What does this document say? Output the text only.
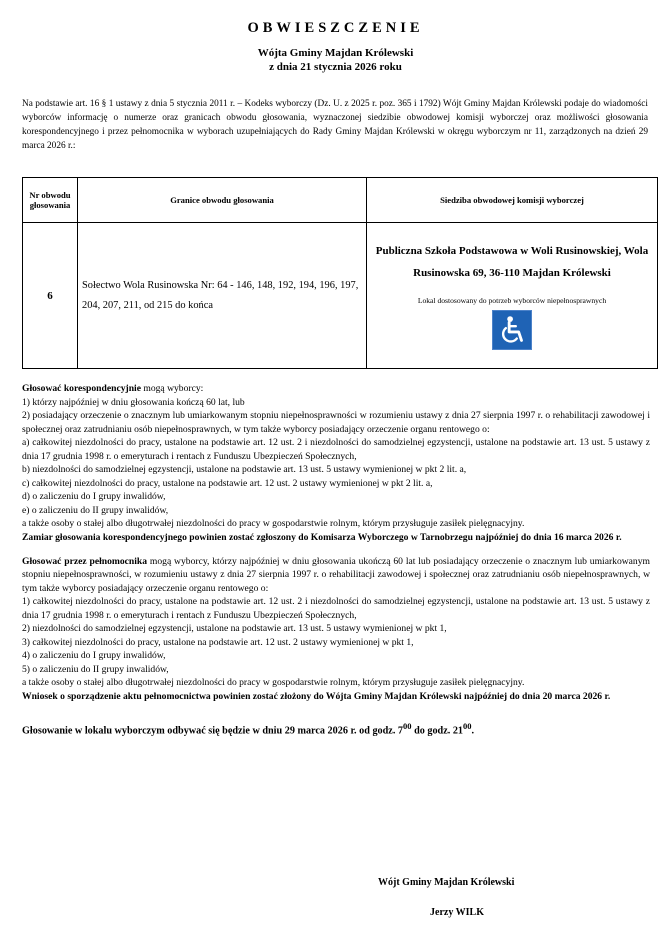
OBWIESZCZENIE
Wójta Gminy Majdan Królewski
z dnia 21 stycznia 2026 roku
Na podstawie art. 16 § 1 ustawy z dnia 5 stycznia 2011 r. – Kodeks wyborczy (Dz. U. z 2025 r. poz. 365 i 1792) Wójt Gminy Majdan Królewski podaje do wiadomości wyborców informację o numerze oraz granicach obwodu głosowania, wyznaczonej siedzibie obwodowej komisji wyborczej oraz możliwości głosowania korespondencyjnego i przez pełnomocnika w wyborach uzupełniających do Rady Gminy Majdan Królewski w okręgu wyborczym nr 11, zarządzonych na dzień 29 marca 2026 r.:
Nr obwodu głosowania	Granice obwodu głosowania	Siedziba obwodowej komisji wyborczej
6	Sołectwo Wola Rusinowska Nr: 64 - 146, 148, 192, 194, 196, 197, 204, 207, 211, od 215 do końca	Publiczna Szkoła Podstawowa w Woli Rusinowskiej, Wola Rusinowska 69, 36-110 Majdan Królewski
Lokal dostosowany do potrzeb wyborców niepełnosprawnych

Głosować korespondencyjnie mogą wyborcy:

1) którzy najpóźniej w dniu głosowania kończą 60 lat, lub

2) posiadający orzeczenie o znacznym lub umiarkowanym stopniu niepełnosprawności w rozumieniu ustawy z dnia 27 sierpnia 1997 r. o rehabilitacji zawodowej i społecznej oraz zatrudnianiu osób niepełnosprawnych, w tym także wyborcy posiadający orzeczenie organu rentowego o:

a) całkowitej niezdolności do pracy, ustalone na podstawie art. 12 ust. 2 i niezdolności do samodzielnej egzystencji, ustalone na podstawie art. 13 ust. 5 ustawy z dnia 17 grudnia 1998 r. o emeryturach i rentach z Funduszu Ubezpieczeń Społecznych,

b) niezdolności do samodzielnej egzystencji, ustalone na podstawie art. 13 ust. 5 ustawy wymienionej w pkt 2 lit. a,

c) całkowitej niezdolności do pracy, ustalone na podstawie art. 12 ust. 2 ustawy wymienionej w pkt 2 lit. a,

d) o zaliczeniu do I grupy inwalidów,

e) o zaliczeniu do II grupy inwalidów,

a także osoby o stałej albo długotrwałej niezdolności do pracy w gospodarstwie rolnym, którym przysługuje zasiłek pielęgnacyjny.

Zamiar głosowania korespondencyjnego powinien zostać zgłoszony do Komisarza Wyborczego w Tarnobrzegu najpóźniej do dnia 16 marca 2026 r.

Głosować przez pełnomocnika mogą wyborcy, którzy najpóźniej w dniu głosowania ukończą 60 lat lub posiadający orzeczenie o znacznym lub umiarkowanym stopniu niepełnosprawności, w rozumieniu ustawy z dnia 27 sierpnia 1997 r. o rehabilitacji zawodowej i społecznej oraz zatrudnianiu osób niepełnosprawnych, w tym także wyborcy posiadający orzeczenie organu rentowego o:

1) całkowitej niezdolności do pracy, ustalone na podstawie art. 12 ust. 2 i niezdolności do samodzielnej egzystencji, ustalone na podstawie art. 13 ust. 5 ustawy z dnia 17 grudnia 1998 r. o emeryturach i rentach z Funduszu Ubezpieczeń Społecznych,

2) niezdolności do samodzielnej egzystencji, ustalone na podstawie art. 13 ust. 5 ustawy wymienionej w pkt 1,

3) całkowitej niezdolności do pracy, ustalone na podstawie art. 12 ust. 2 ustawy wymienionej w pkt 1,

4) o zaliczeniu do I grupy inwalidów,

5) o zaliczeniu do II grupy inwalidów,

a także osoby o stałej albo długotrwałej niezdolności do pracy w gospodarstwie rolnym, którym przysługuje zasiłek pielęgnacyjny.

Wniosek o sporządzenie aktu pełnomocnictwa powinien zostać złożony do Wójta Gminy Majdan Królewski najpóźniej do dnia 20 marca 2026 r.

Głosowanie w lokalu wyborczym odbywać się będzie w dniu 29 marca 2026 r. od godz. $7^{00}$ do godz. $21^{00}$.

Wójt Gminy Majdan Królewski
Jerzy WILK
